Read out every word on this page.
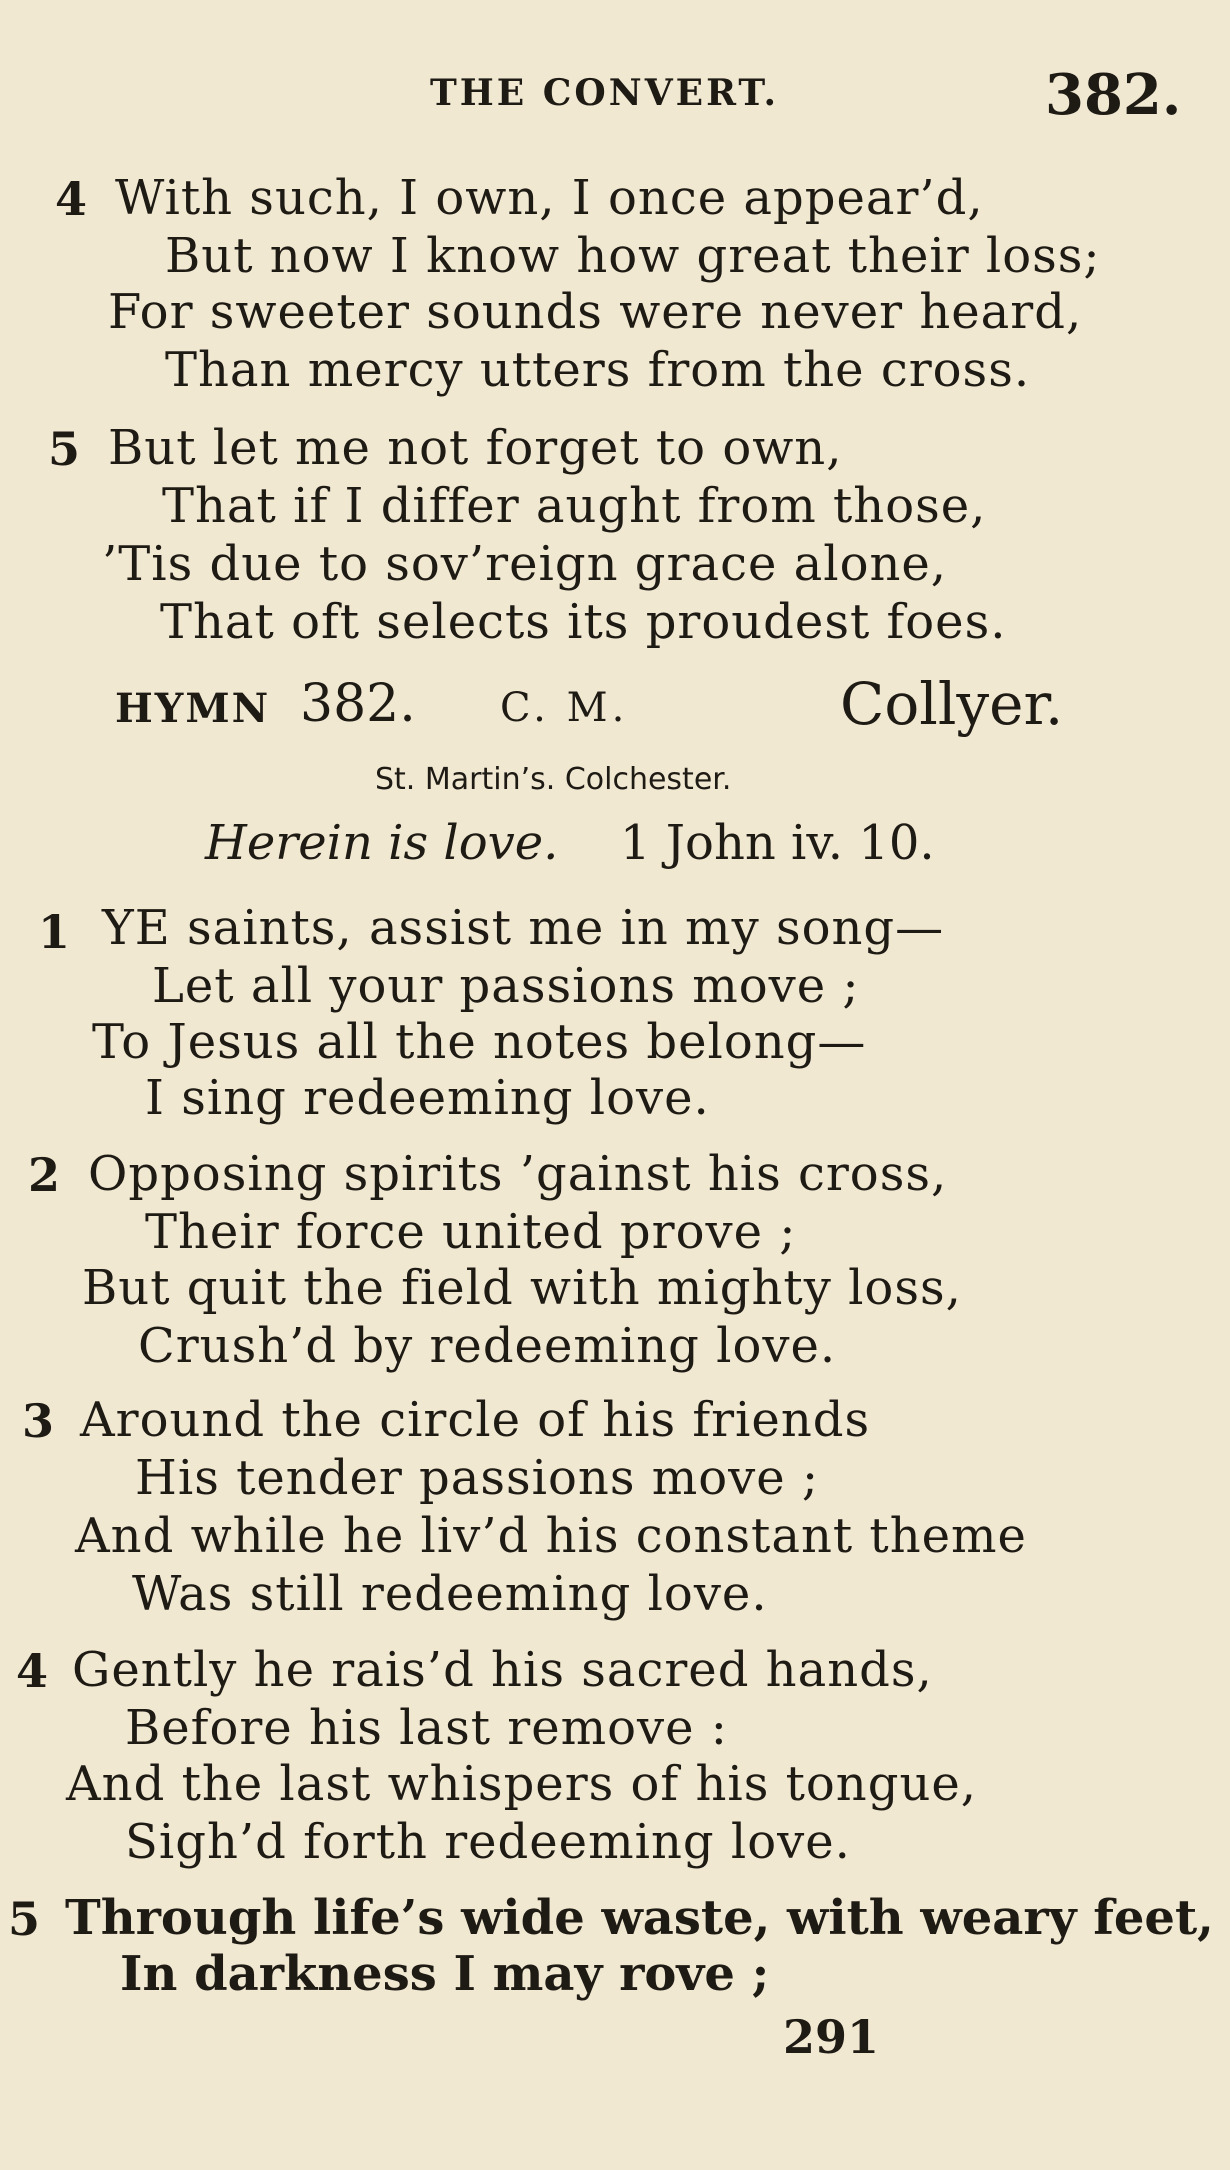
THE CONVERT.	382.
4 With such, I own, I once appear’d,
But now I know how great their loss;
For sweeter sounds were never heard,
Than mercy utters from the cross.
5 But let me not forget to own,
That if I differ aught from those,
’Tis due to sov’reign grace alone,
That oft selects its proudest foes.
HYMN 382. C. M.	Collyer.
St. Martin’s. Colchester.
Herein is love. 1 John iv. 10.
1 YE saints, assist me in my song—
Let all your passions move ;
To Jesus all the notes belong—
I sing redeeming love.
2 Opposing spirits ’gainst his cross,
Their force united prove ;
But quit the field with mighty loss,
Crush’d by redeeming love.
3 Around the circle of his friends
His tender passions move ;
And while he liv’d his constant theme
Was still redeeming love.
4 Gently he rais’d his sacred hands,
Before his last remove :
And the last whispers of his tongue,
Sigh’d forth redeeming love.
5 Through life’s wide waste, with weary feet,
In darkness I may rove ;
291
